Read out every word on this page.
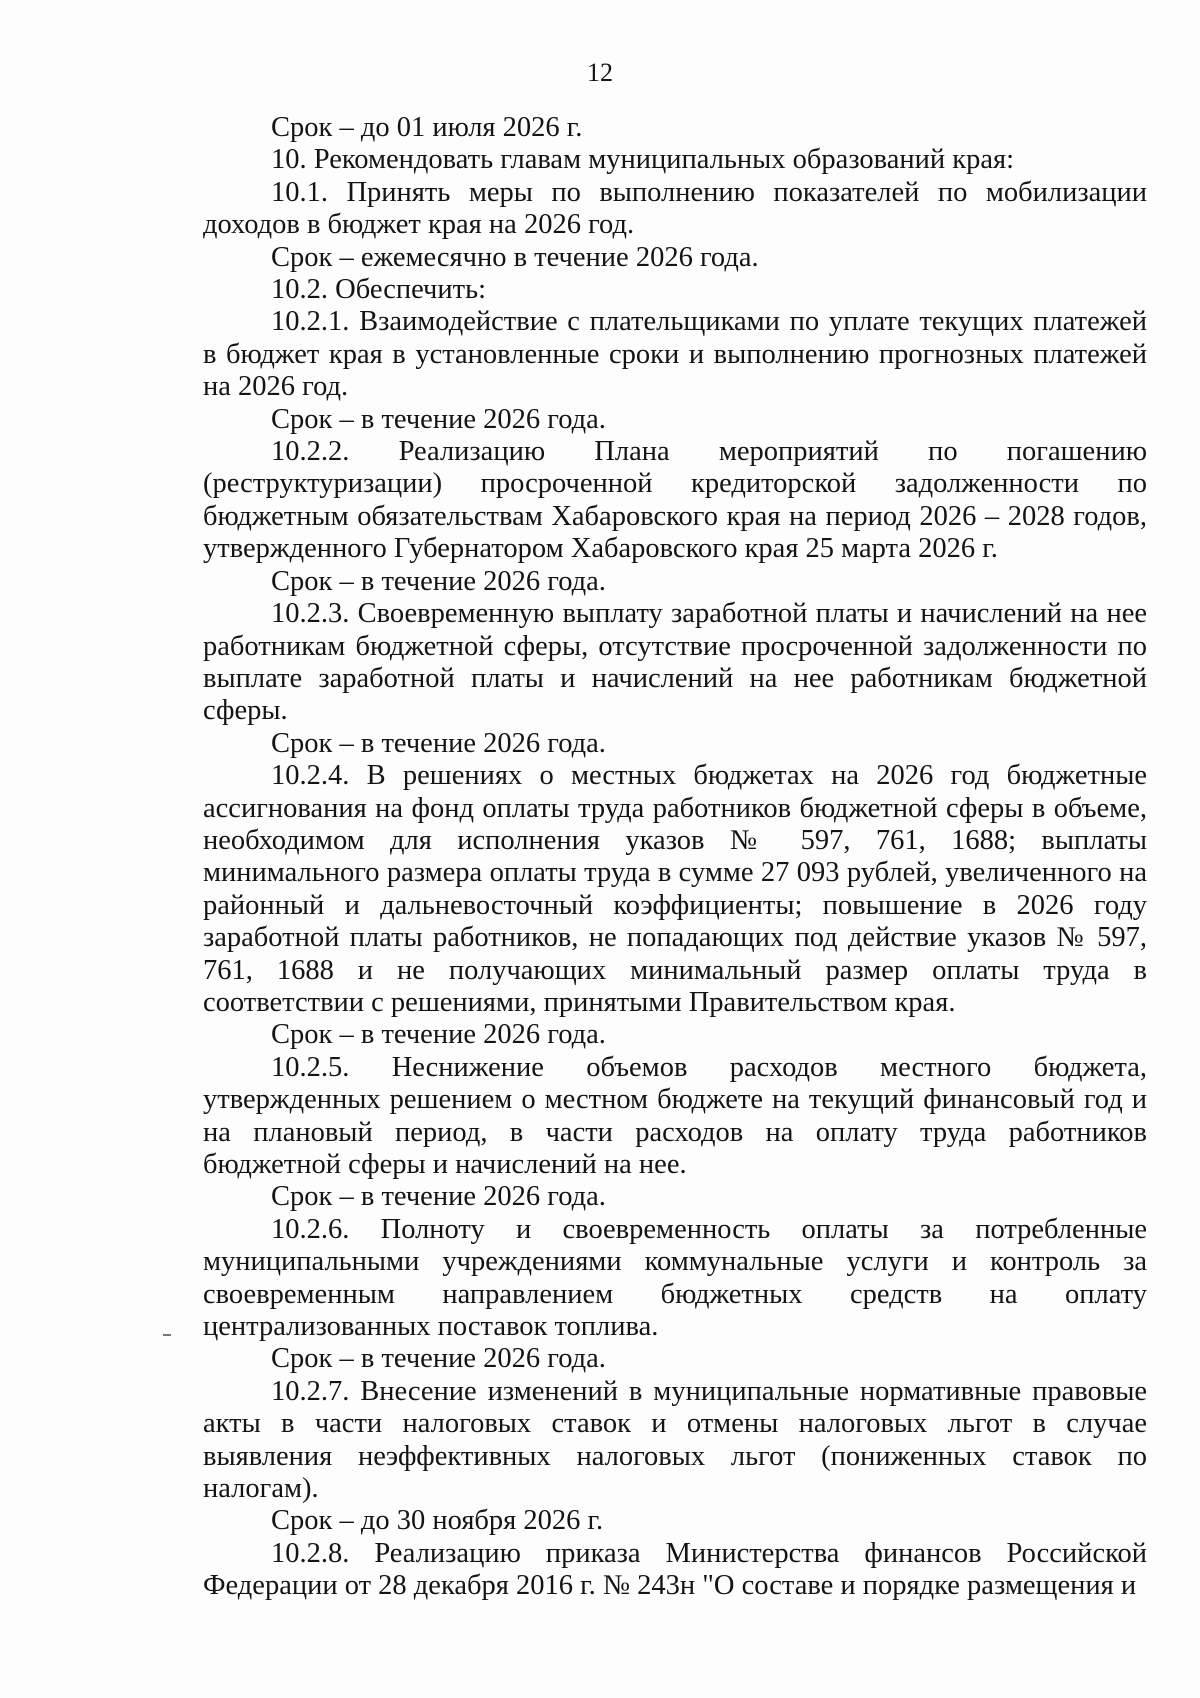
12

Срок – до 01 июля 2026 г.

10. Рекомендовать главам муниципальных образований края:

10.1. Принять меры по выполнению показателей по мобилизации доходов в бюджет края на 2026 год.

Срок – ежемесячно в течение 2026 года.

10.2. Обеспечить:

10.2.1. Взаимодействие с плательщиками по уплате текущих платежей в бюджет края в установленные сроки и выполнению прогнозных платежей на 2026 год.

Срок – в течение 2026 года.

10.2.2. Реализацию Плана мероприятий по погашению (реструктуризации) просроченной кредиторской задолженности по бюджетным обязательствам Хабаровского края на период 2026 – 2028 годов, утвержденного Губернатором Хабаровского края 25 марта 2026 г.

Срок – в течение 2026 года.

10.2.3. Своевременную выплату заработной платы и начислений на нее работникам бюджетной сферы, отсутствие просроченной задолженности по выплате заработной платы и начислений на нее работникам бюджетной сферы.

Срок – в течение 2026 года.

10.2.4. В решениях о местных бюджетах на 2026 год бюджетные ассигнования на фонд оплаты труда работников бюджетной сферы в объеме, необходимом для исполнения указов № 597, 761, 1688; выплаты минимального размера оплаты труда в сумме 27 093 рублей, увеличенного на районный и дальневосточный коэффициенты; повышение в 2026 году заработной платы работников, не попадающих под действие указов № 597, 761, 1688 и не получающих минимальный размер оплаты труда в соответствии с решениями, принятыми Правительством края.

Срок – в течение 2026 года.

10.2.5. Неснижение объемов расходов местного бюджета, утвержденных решением о местном бюджете на текущий финансовый год и на плановый период, в части расходов на оплату труда работников бюджетной сферы и начислений на нее.

Срок – в течение 2026 года.

10.2.6. Полноту и своевременность оплаты за потребленные муниципальными учреждениями коммунальные услуги и контроль за своевременным направлением бюджетных средств на оплату централизованных поставок топлива.

Срок – в течение 2026 года.

10.2.7. Внесение изменений в муниципальные нормативные правовые акты в части налоговых ставок и отмены налоговых льгот в случае выявления неэффективных налоговых льгот (пониженных ставок по налогам).

Срок – до 30 ноября 2026 г.

10.2.8. Реализацию приказа Министерства финансов Российской Федерации от 28 декабря 2016 г. № 243н "О составе и порядке размещения и
